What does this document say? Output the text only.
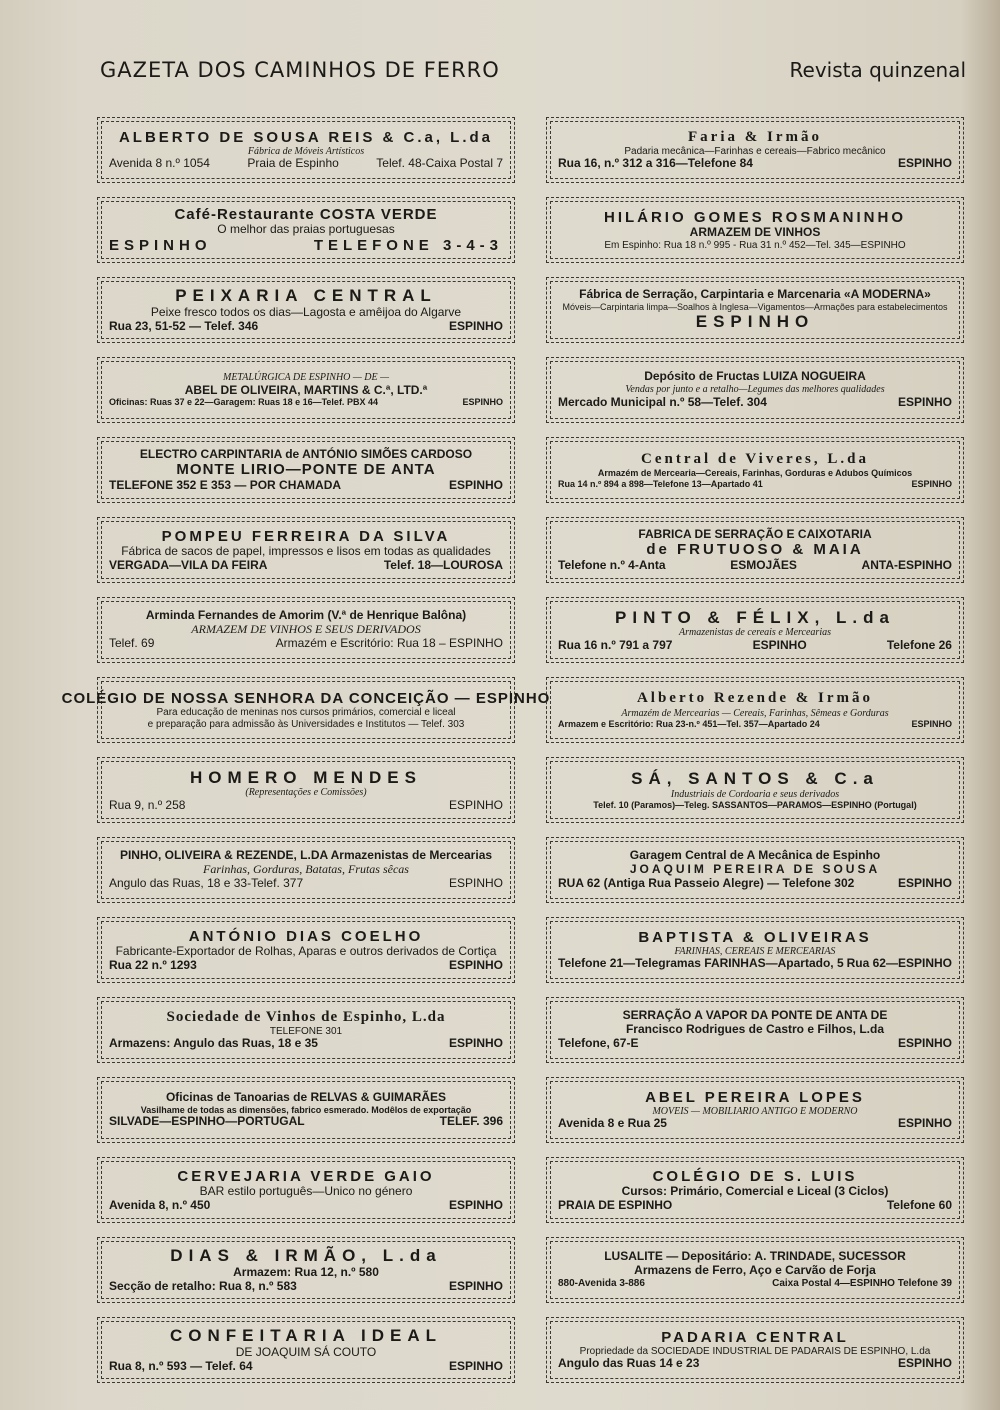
GAZETA DOS CAMINHOS DE FERRO	Revista quinzenal
ALBERTO DE SOUSA REIS & C.a, L.da
Fábrica de Móveis Artísticos
Avenida 8 n.º 1054	Praia de Espinho	Telef. 48-Caixa Postal 7
Café-Restaurante COSTA VERDE
O melhor das praias portuguesas
ESPINHO	TELEFONE 3-4-3
PEIXARIA CENTRAL
Peixe fresco todos os dias—Lagosta e amêijoa do Algarve
Rua 23, 51-52 — Telef. 346	ESPINHO
METALÚRGICA DE ESPINHO — DE —
ABEL DE OLIVEIRA, MARTINS & C.ª, LTD.ª
Oficinas: Ruas 37 e 22—Garagem: Ruas 18 e 16—Telef. PBX 44	ESPINHO
ELECTRO CARPINTARIA de ANTÓNIO SIMÕES CARDOSO
MONTE LIRIO—PONTE DE ANTA
TELEFONE 352 E 353 — POR CHAMADA	ESPINHO
POMPEU FERREIRA DA SILVA
Fábrica de sacos de papel, impressos e lisos em todas as qualidades
VERGADA—VILA DA FEIRA	Telef. 18—LOUROSA
Arminda Fernandes de Amorim (V.ª de Henrique Balôna)
ARMAZEM DE VINHOS E SEUS DERIVADOS
Telef. 69	Armazém e Escritório: Rua 18 – ESPINHO
COLÉGIO DE NOSSA SENHORA DA CONCEIÇÃO — ESPINHO
Para educação de meninas nos cursos primários, comercial e liceal
e preparação para admissão às Universidades e Institutos — Telef. 303
HOMERO MENDES
(Representações e Comissões)
Rua 9, n.º 258	ESPINHO
PINHO, OLIVEIRA & REZENDE, L.DA Armazenistas de Mercearias
Farinhas, Gorduras, Batatas, Frutas sêcas
Angulo das Ruas, 18 e 33-Telef. 377	ESPINHO
ANTÓNIO DIAS COELHO
Fabricante-Exportador de Rolhas, Aparas e outros derivados de Cortiça
Rua 22 n.º 1293	ESPINHO
Sociedade de Vinhos de Espinho, L.da
TELEFONE 301
Armazens: Angulo das Ruas, 18 e 35	ESPINHO
Oficinas de Tanoarias de RELVAS & GUIMARÃES
Vasilhame de todas as dimensões, fabrico esmerado. Modêlos de exportação
SILVADE—ESPINHO—PORTUGAL	TELEF. 396
CERVEJARIA VERDE GAIO
BAR estilo português—Unico no género
Avenida 8, n.º 450	ESPINHO
DIAS & IRMÃO, L.da
Armazem: Rua 12, n.º 580
Secção de retalho: Rua 8, n.º 583	ESPINHO
CONFEITARIA IDEAL
DE JOAQUIM SÁ COUTO
Rua 8, n.º 593 — Telef. 64	ESPINHO
Faria & Irmão
Padaria mecânica—Farinhas e cereais—Fabrico mecânico
Rua 16, n.º 312 a 316—Telefone 84	ESPINHO
HILÁRIO GOMES ROSMANINHO
ARMAZEM DE VINHOS
Em Espinho: Rua 18 n.º 995 - Rua 31 n.º 452—Tel. 345—ESPINHO
Fábrica de Serração, Carpintaria e Marcenaria «A MODERNA»
Móveis—Carpintaria limpa—Soalhos à Inglesa—Vigamentos—Armações para estabelecimentos
ESPINHO
Depósito de Fructas LUIZA NOGUEIRA
Vendas por junto e a retalho—Legumes das melhores qualidades
Mercado Municipal n.º 58—Telef. 304	ESPINHO
Central de Viveres, L.da
Armazém de Mercearia—Cereais, Farinhas, Gorduras e Adubos Químicos
Rua 14 n.º 894 a 898—Telefone 13—Apartado 41	ESPINHO
FABRICA DE SERRAÇÃO E CAIXOTARIA
de FRUTUOSO & MAIA
Telefone n.º 4-Anta	ESMOJÃES	ANTA-ESPINHO
PINTO & FÉLIX, L.da
Armazenistas de cereais e Mercearias
Rua 16 n.º 791 a 797	ESPINHO	Telefone 26
Alberto Rezende & Irmão
Armazém de Mercearias — Cereais, Farinhas, Sêmeas e Gorduras
Armazem e Escritório: Rua 23-n.º 451—Tel. 357—Apartado 24	ESPINHO
SÁ, SANTOS & C.a
Industriais de Cordoaria e seus derivados
Telef. 10 (Paramos)—Teleg. SASSANTOS—PARAMOS—ESPINHO (Portugal)
Garagem Central de A Mecânica de Espinho
JOAQUIM PEREIRA DE SOUSA
RUA 62 (Antiga Rua Passeio Alegre) — Telefone 302	ESPINHO
BAPTISTA & OLIVEIRAS
FARINHAS, CEREAIS E MERCEARIAS
Telefone 21—Telegramas FARINHAS—Apartado, 5 Rua 62—ESPINHO
SERRAÇÃO A VAPOR DA PONTE DE ANTA DE
Francisco Rodrigues de Castro e Filhos, L.da
Telefone, 67-E	ESPINHO
ABEL PEREIRA LOPES
MOVEIS — MOBILIARIO ANTIGO E MODERNO
Avenida 8 e Rua 25	ESPINHO
COLÉGIO DE S. LUIS
Cursos: Primário, Comercial e Liceal (3 Ciclos)
PRAIA DE ESPINHO	Telefone 60
LUSALITE — Depositário: A. TRINDADE, SUCESSOR
Armazens de Ferro, Aço e Carvão de Forja
880-Avenida 3-886	Caixa Postal 4—ESPINHO Telefone 39
PADARIA CENTRAL
Propriedade da SOCIEDADE INDUSTRIAL DE PADARAIS DE ESPINHO, L.da
Angulo das Ruas 14 e 23	ESPINHO
